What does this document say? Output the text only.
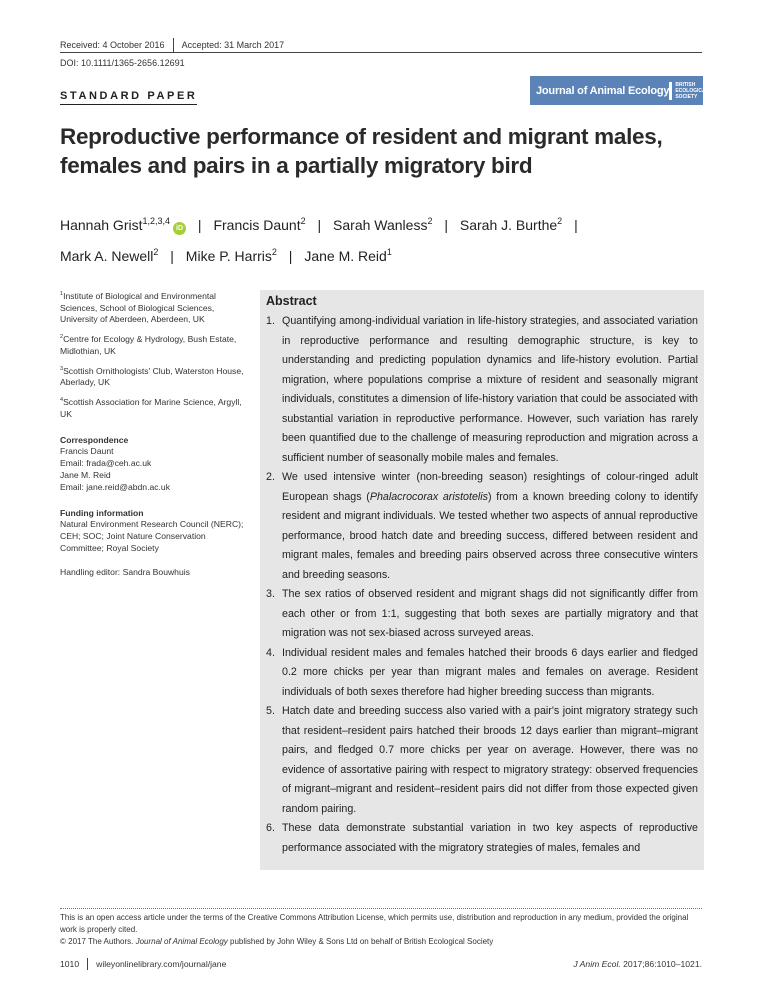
Received: 4 October 2016 Accepted: 31 March 2017
DOI: 10.1111/1365-2656.12691
STANDARD PAPER	Journal of Animal Ecology BRITISH
ECOLOGICAL
SOCIETY
Reproductive performance of resident and migrant males,
females and pairs in a partially migratory bird
Hannah Grist$^{1,2,3,4}$iD | Francis Daunt$^2$ | Sarah Wanless$^2$ | Sarah J. Burthe$^2$ |
Mark A. Newell$^2$ | Mike P. Harris$^2$ | Jane M. Reid$^1$
$^1$Institute of Biological and Environmental Sciences, School of Biological Sciences, University of Aberdeen, Aberdeen, UK
$^2$Centre for Ecology & Hydrology, Bush Estate, Midlothian, UK
$^3$Scottish Ornithologists' Club, Waterston House, Aberlady, UK
$^4$Scottish Association for Marine Science, Argyll, UK
Correspondence
Francis Daunt
Email: frada@ceh.ac.uk
Jane M. Reid
Email: jane.reid@abdn.ac.uk
Funding information
Natural Environment Research Council (NERC); CEH; SOC; Joint Nature Conservation Committee; Royal Society
Handling editor: Sandra Bouwhuis
Abstract
1. Quantifying among-individual variation in life-history strategies, and associated variation in reproductive performance and resulting demographic structure, is key to understanding and predicting population dynamics and life-history evolution. Partial migration, where populations comprise a mixture of resident and seasonally migrant individuals, constitutes a dimension of life-history variation that could be associated with substantial variation in reproductive performance. However, such variation has rarely been quantified due to the challenge of measuring reproduction and migration across a sufficient number of seasonally mobile males and females.
2. We used intensive winter (non-breeding season) resightings of colour-ringed adult European shags (Phalacrocorax aristotelis) from a known breeding colony to identify resident and migrant individuals. We tested whether two aspects of annual reproductive performance, brood hatch date and breeding success, differed between resident and migrant males, females and breeding pairs observed across three consecutive winters and breeding seasons.
3. The sex ratios of observed resident and migrant shags did not significantly differ from each other or from 1:1, suggesting that both sexes are partially migratory and that migration was not sex-biased across surveyed areas.
4. Individual resident males and females hatched their broods 6 days earlier and fledged 0.2 more chicks per year than migrant males and females on average. Resident individuals of both sexes therefore had higher breeding success than migrants.
5. Hatch date and breeding success also varied with a pair's joint migratory strategy such that resident–resident pairs hatched their broods 12 days earlier than migrant–migrant pairs, and fledged 0.7 more chicks per year on average. However, there was no evidence of assortative pairing with respect to migratory strategy: observed frequencies of migrant–migrant and resident–resident pairs did not differ from those expected given random pairing.
6. These data demonstrate substantial variation in two key aspects of reproductive performance associated with the migratory strategies of males, females and
This is an open access article under the terms of the Creative Commons Attribution License, which permits use, distribution and reproduction in any medium, provided the original work is properly cited.
© 2017 The Authors. Journal of Animal Ecology published by John Wiley & Sons Ltd on behalf of British Ecological Society
1010 wileyonlinelibrary.com/journal/jane	J Anim Ecol. 2017;86:1010–1021.
